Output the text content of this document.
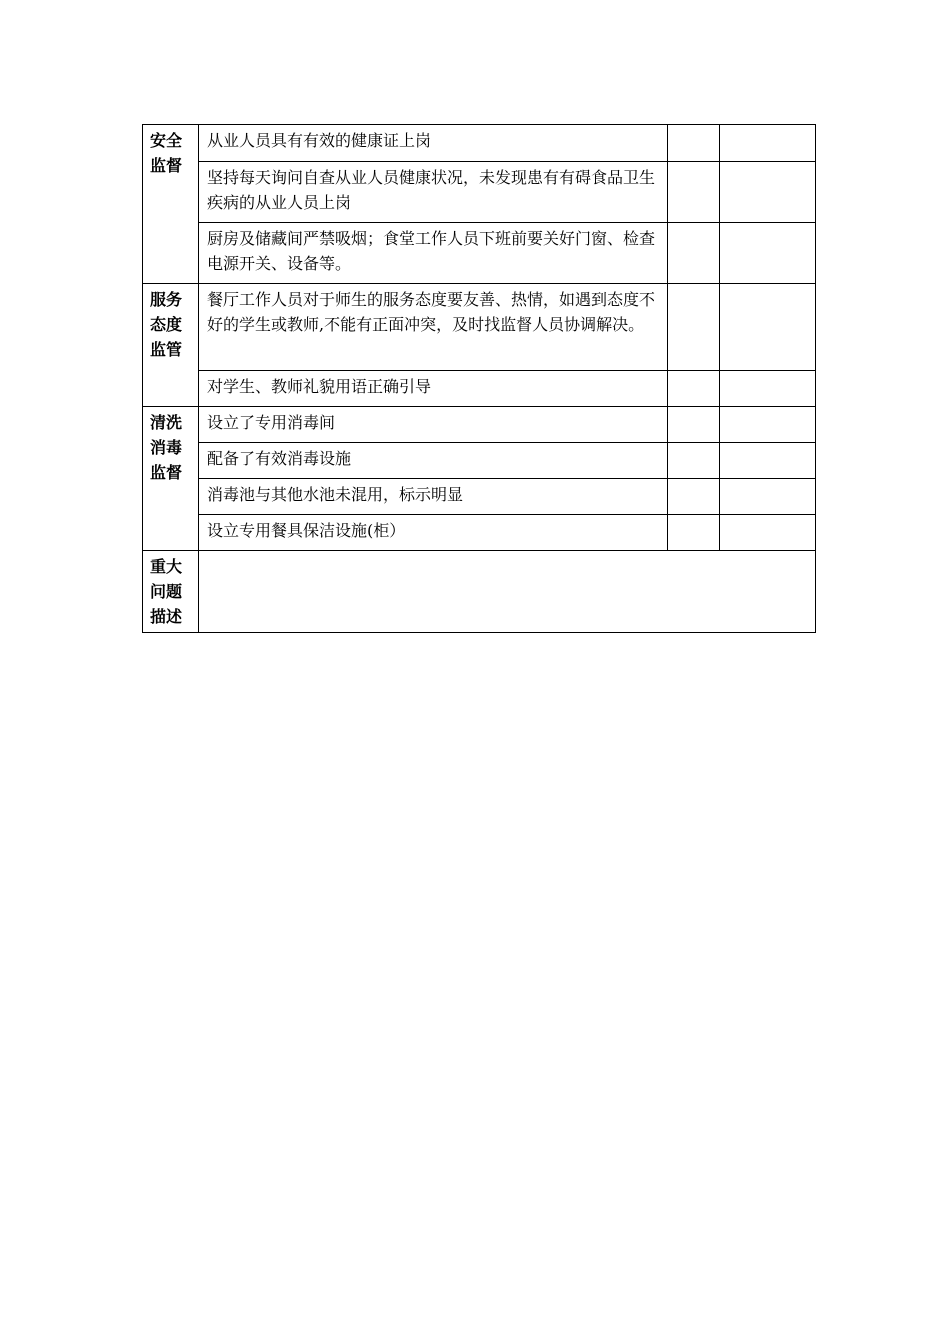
安全监督	从业人员具有有效的健康证上岗		
	坚持每天询问自查从业人员健康状况，未发现患有有碍食品卫生疾病的从业人员上岗		
	厨房及储藏间严禁吸烟；食堂工作人员下班前要关好门窗、检查电源开关、设备等。		
服务态度监管	餐厅工作人员对于师生的服务态度要友善、热情，如遇到态度不好的学生或教师,不能有正面冲突，及时找监督人员协调解决。		
	对学生、教师礼貌用语正确引导		
清洗消毒监督	设立了专用消毒间		
	配备了有效消毒设施		
	消毒池与其他水池未混用，标示明显		
	设立专用餐具保洁设施(柜）		
重大问题描述			
